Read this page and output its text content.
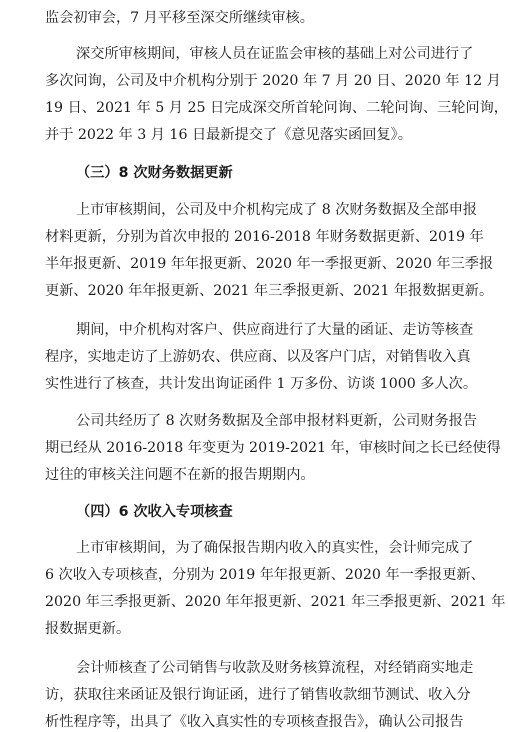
监会初审会，7 月平移至深交所继续审核。
深交所审核期间，审核人员在证监会审核的基础上对公司进行了
多次问询，公司及中介机构分别于 2020 年 7 月 20 日、2020 年 12 月
19 日、2021 年 5 月 25 日完成深交所首轮问询、二轮问询、三轮问询，
并于 2022 年 3 月 16 日最新提交了《意见落实函回复》。
（三）8 次财务数据更新
上市审核期间，公司及中介机构完成了 8 次财务数据及全部申报
材料更新，分别为首次申报的 2016-2018 年财务数据更新、2019 年
半年报更新、2019 年年报更新、2020 年一季报更新、2020 年三季报
更新、2020 年年报更新、2021 年三季报更新、2021 年报数据更新。
期间，中介机构对客户、供应商进行了大量的函证、走访等核查
程序，实地走访了上游奶农、供应商、以及客户门店，对销售收入真
实性进行了核查，共计发出询证函件 1 万多份、访谈 1000 多人次。
公司共经历了 8 次财务数据及全部申报材料更新，公司财务报告
期已经从 2016-2018 年变更为 2019-2021 年，审核时间之长已经使得
过往的审核关注问题不在新的报告期期内。
（四）6 次收入专项核查
上市审核期间，为了确保报告期内收入的真实性，会计师完成了
6 次收入专项核查，分别为 2019 年年报更新、2020 年一季报更新、
2020 年三季报更新、2020 年年报更新、2021 年三季报更新、2021 年
报数据更新。
会计师核查了公司销售与收款及财务核算流程，对经销商实地走
访，获取往来函证及银行询证函，进行了销售收款细节测试、收入分
析性程序等，出具了《收入真实性的专项核查报告》，确认公司报告
